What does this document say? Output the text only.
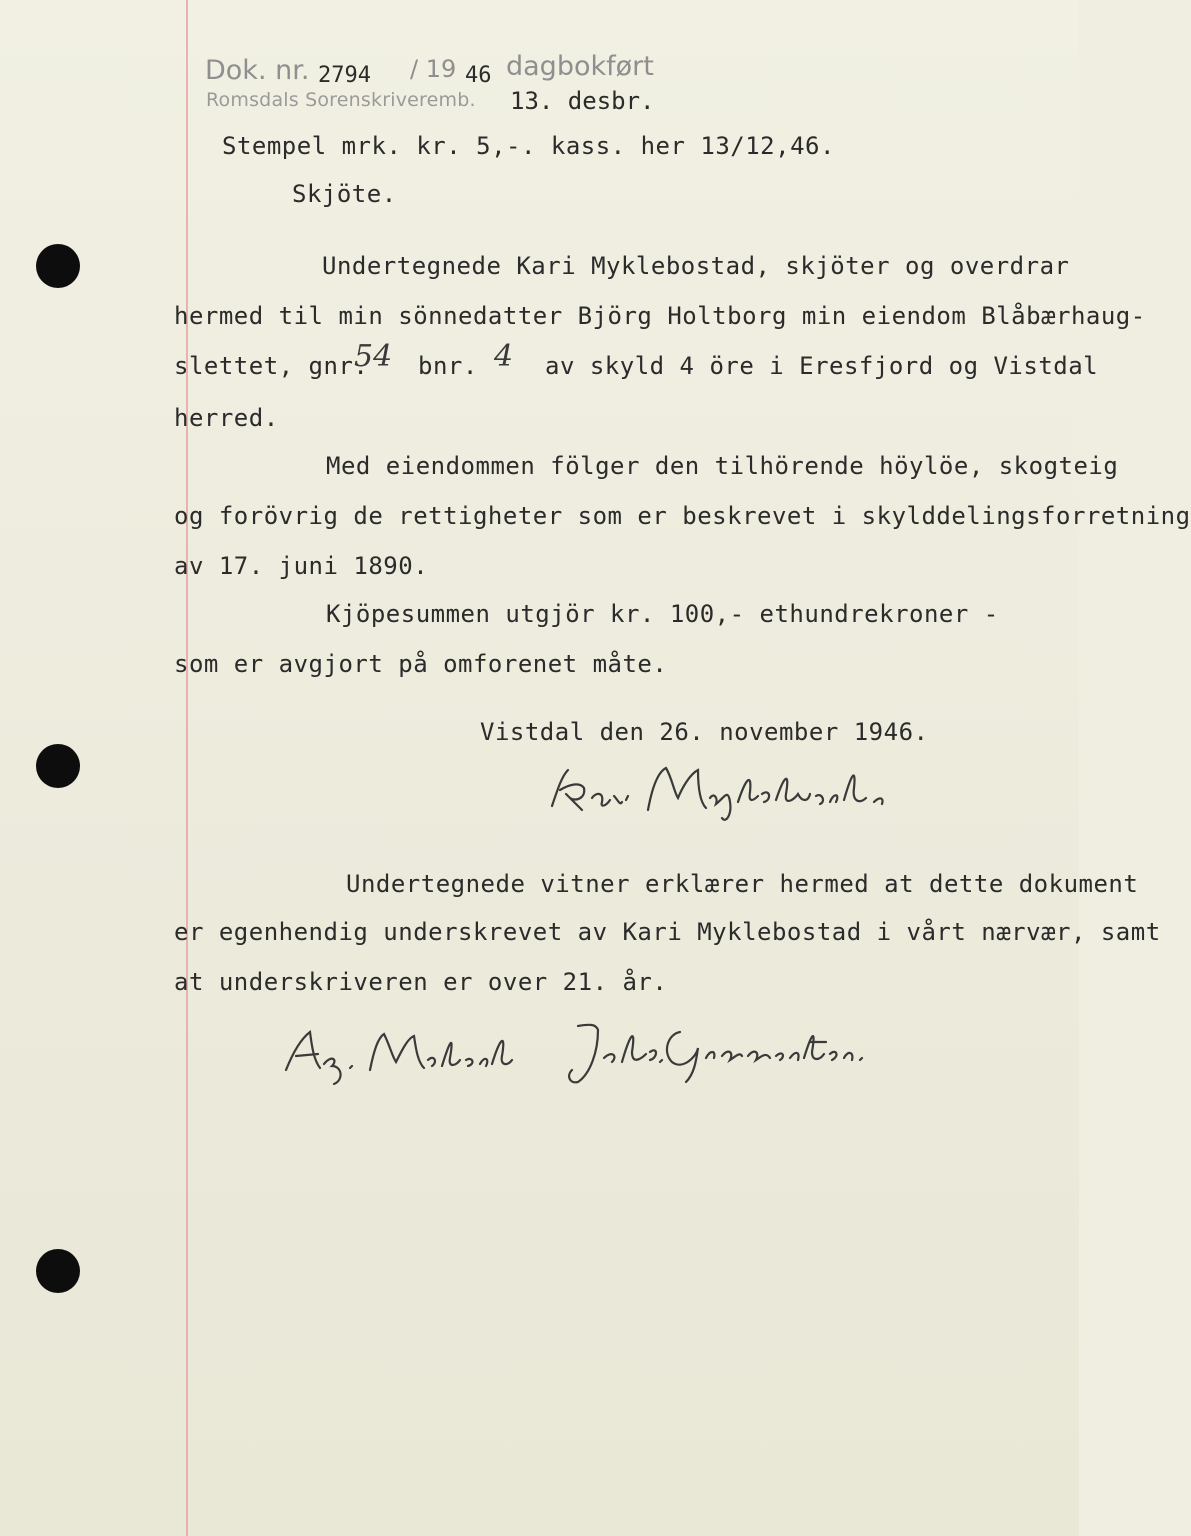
Dok. nr. 2794 / 19 46 dagbokført
Romsdals Sorenskriveremb. 13. desbr.
Stempel mrk. kr. 5,-. kass. her 13/12,46.
Skjöte.
Undertegnede Kari Myklebostad, skjöter og overdrar
hermed til min sönnedatter Björg Holtborg min eiendom Blåbærhaug-
slettet, gnr.
54 bnr. 4 av skyld 4 öre i Eresfjord og Vistdal
herred.
Med eiendommen fölger den tilhörende höylöe, skogteig
og forövrig de rettigheter som er beskrevet i skylddelingsforretning
av 17. juni 1890.
Kjöpesummen utgjör kr. 100,- ethundrekroner -
som er avgjort på omforenet måte.
Vistdal den 26. november 1946.
Undertegnede vitner erklærer hermed at dette dokument
er egenhendig underskrevet av Kari Myklebostad i vårt nærvær, samt
at underskriveren er over 21. år.
